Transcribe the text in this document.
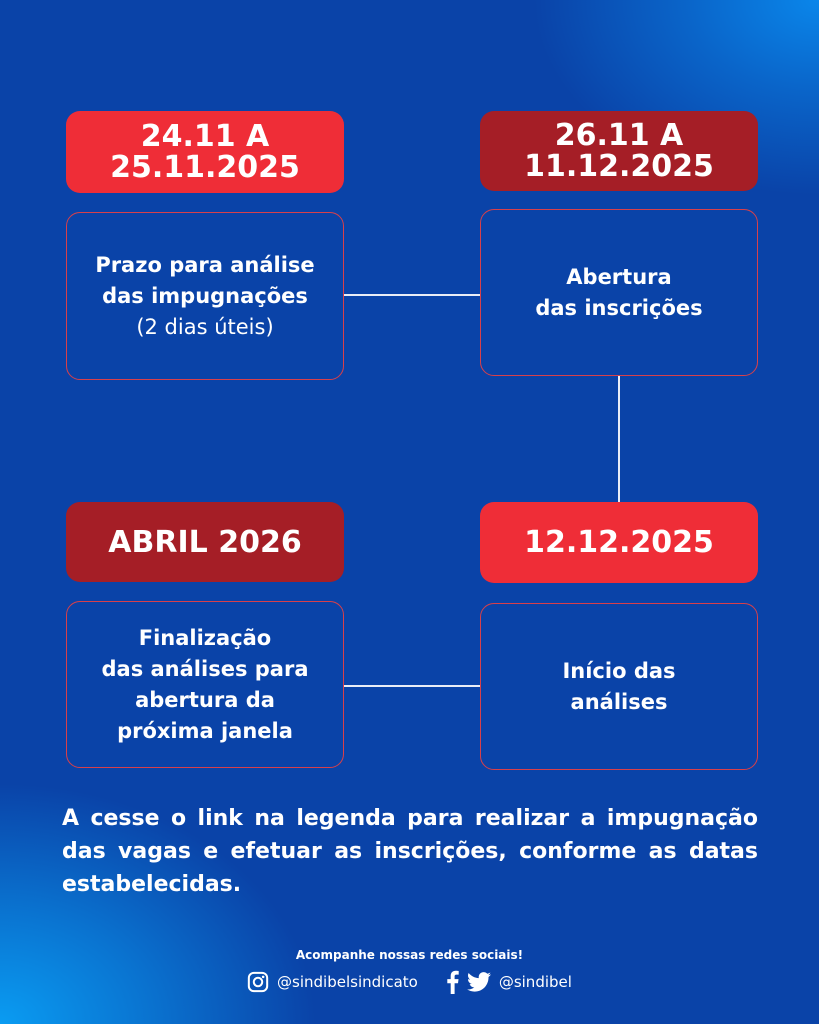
24.11 A
25.11.2025
Prazo para análise
das impugnações
(2 dias úteis)
26.11 A
11.12.2025
Abertura
das inscrições
ABRIL 2026
Finalização
das análises para
abertura da
próxima janela
12.12.2025
Início das
análises
A cesse o link na legenda para realizar a impugnação das vagas e efetuar as inscrições, conforme as datas estabelecidas.
Acompanhe nossas redes sociais!
@sindibelsindicato	@sindibel
